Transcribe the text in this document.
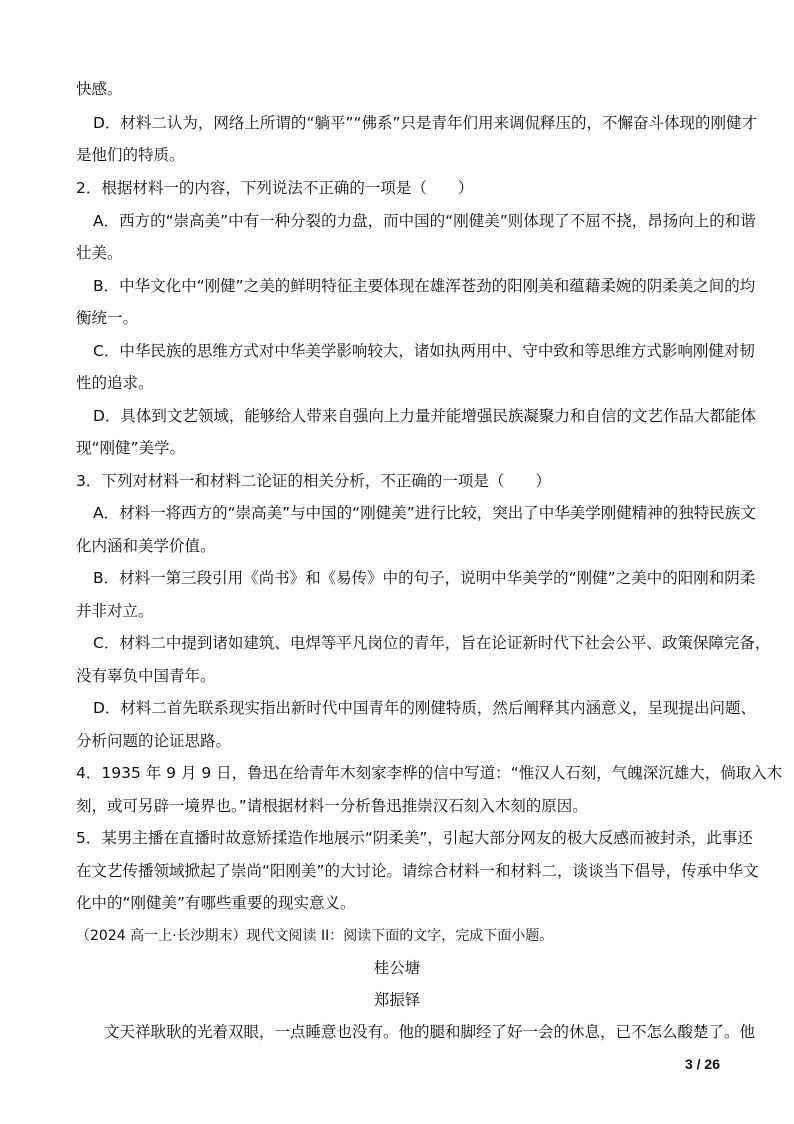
快感。
D．材料二认为，网络上所谓的“躺平”“佛系”只是青年们用来调侃释压的，不懈奋斗体现的刚健才
是他们的特质。
2．根据材料一的内容，下列说法不正确的一项是（　　）
A．西方的“崇高美”中有一种分裂的力盘，而中国的“刚健美”则体现了不屈不挠，昂扬向上的和谐
壮美。
B．中华文化中“刚健”之美的鲜明特征主要体现在雄浑苍劲的阳刚美和蕴藉柔婉的阴柔美之间的均
衡统一。
C．中华民族的思维方式对中华美学影响较大，诸如执两用中、守中致和等思维方式影响刚健对韧
性的追求。
D．具体到文艺领域，能够给人带来自强向上力量并能增强民族凝聚力和自信的文艺作品大都能体
现“刚健”美学。
3．下列对材料一和材料二论证的相关分析，不正确的一项是（　　）
A．材料一将西方的“崇高美”与中国的“刚健美”进行比较，突出了中华美学刚健精神的独特民族文
化内涵和美学价值。
B．材料一第三段引用《尚书》和《易传》中的句子，说明中华美学的“刚健”之美中的阳刚和阴柔
并非对立。
C．材料二中提到诸如建筑、电焊等平凡岗位的青年，旨在论证新时代下社会公平、政策保障完备，
没有辜负中国青年。
D．材料二首先联系现实指出新时代中国青年的刚健特质，然后阐释其内涵意义，呈现提出问题、
分析问题的论证思路。
4．1935 年 9 月 9 日，鲁迅在给青年木刻家李桦的信中写道：“惟汉人石刻，气魄深沉雄大，倘取入木
刻，或可另辟一境界也。”请根据材料一分析鲁迅推崇汉石刻入木刻的原因。
5．某男主播在直播时故意矫揉造作地展示“阴柔美”，引起大部分网友的极大反感而被封杀，此事还
在文艺传播领域掀起了崇尚“阳刚美”的大讨论。请综合材料一和材料二，谈谈当下倡导，传承中华文
化中的“刚健美”有哪些重要的现实意义。
（2024 高一上·长沙期末）现代文阅读 II：阅读下面的文字，完成下面小题。
桂公塘
郑振铎
文天祥耿耿的光着双眼，一点睡意也没有。他的腿和脚经了好一会的休息，已不怎么酸楚了。他
3 / 26
